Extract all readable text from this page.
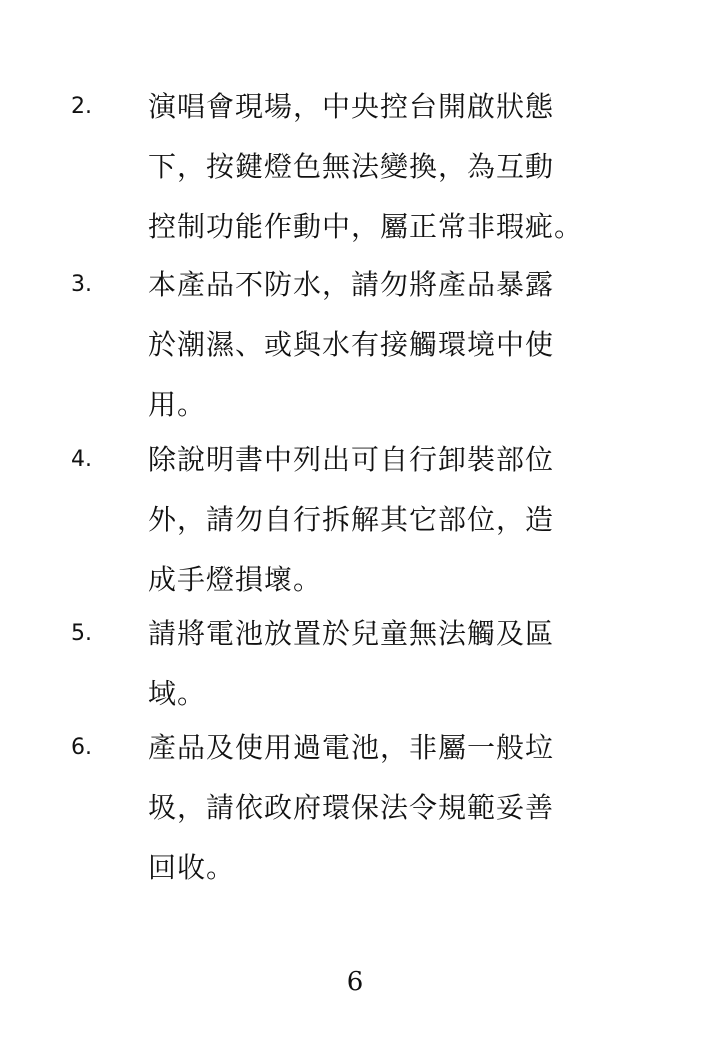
2. 演唱會現場，中央控台開啟狀態
下，按鍵燈色無法變換，為互動
控制功能作動中，屬正常非瑕疵。
3. 本產品不防水，請勿將產品暴露
於潮濕、或與水有接觸環境中使
用。
4. 除說明書中列出可自行卸裝部位
外，請勿自行拆解其它部位，造
成手燈損壞。
5. 請將電池放置於兒童無法觸及區
域。
6. 產品及使用過電池，非屬一般垃
圾，請依政府環保法令規範妥善
回收。
6
